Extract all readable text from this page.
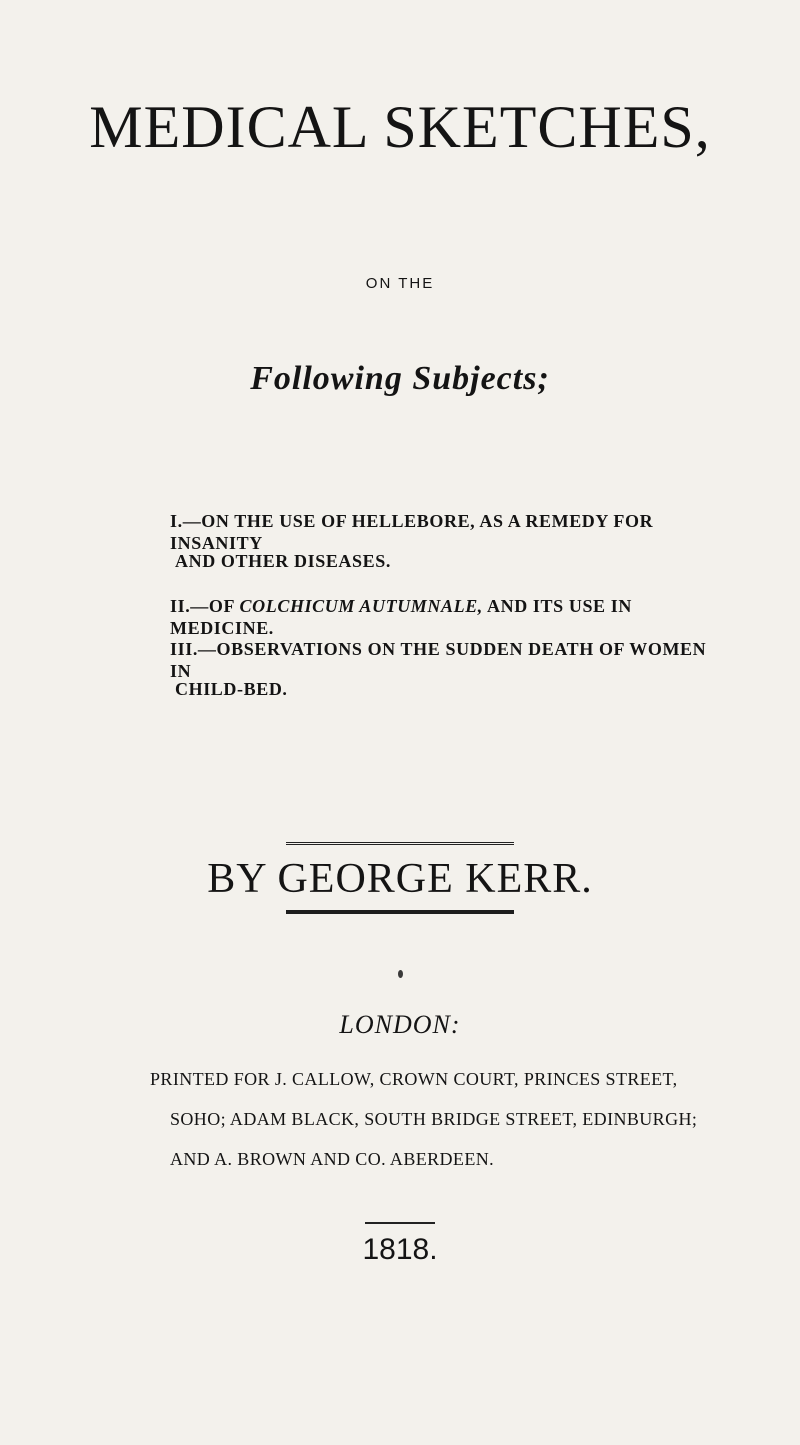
MEDICAL SKETCHES,
ON THE
Following Subjects;
I.—ON THE USE OF HELLEBORE, AS A REMEDY FOR INSANITY
AND OTHER DISEASES.
II.—OF COLCHICUM AUTUMNALE, AND ITS USE IN MEDICINE.
III.—OBSERVATIONS ON THE SUDDEN DEATH OF WOMEN IN
CHILD-BED.
BY GEORGE KERR.
LONDON:
PRINTED FOR J. CALLOW, CROWN COURT, PRINCES STREET,
SOHO; ADAM BLACK, SOUTH BRIDGE STREET, EDINBURGH;
AND A. BROWN AND CO. ABERDEEN.
1818.
